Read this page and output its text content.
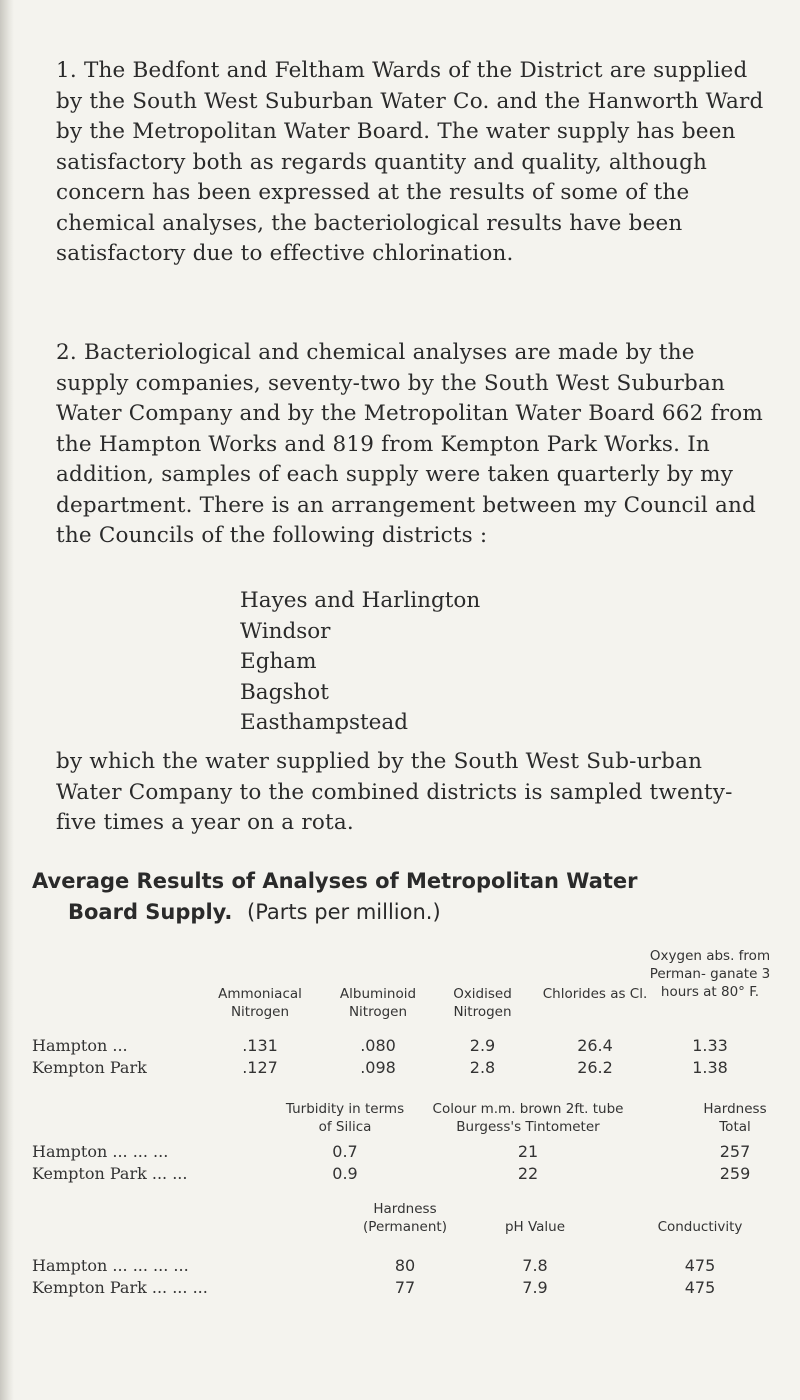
1. The Bedfont and Feltham Wards of the District are supplied by the South West Suburban Water Co. and the Hanworth Ward by the Metropolitan Water Board. The water supply has been satisfactory both as regards quantity and quality, although concern has been expressed at the results of some of the chemical analyses, the bacteriological results have been satisfactory due to effective chlorination.

2. Bacteriological and chemical analyses are made by the supply companies, seventy-two by the South West Suburban Water Company and by the Metropolitan Water Board 662 from the Hampton Works and 819 from Kempton Park Works. In addition, samples of each supply were taken quarterly by my department. There is an arrangement between my Council and the Councils of the following districts :

Hayes and Harlington
Windsor
Egham
Bagshot
Easthampstead

by which the water supplied by the South West Sub-urban Water Company to the combined districts is sampled twenty-five times a year on a rota.

Average Results of Analyses of Metropolitan Water
Board Supply. (Parts per million.)
Ammoniacal Nitrogen
Albuminoid Nitrogen
Oxidised Nitrogen
Chlorides as Cl.
Oxygen abs. from Perman- ganate 3 hours at 80° F.
Hampton ...	.131	.080	2.9	26.4	1.33
Kempton Park	.127	.098	2.8	26.2	1.38
Turbidity in terms of Silica
Colour m.m. brown 2ft. tube Burgess's Tintometer
Hardness Total
Hampton ... ... ...	0.7	21	257
Kempton Park ... ...	0.9	22	259
Hardness (Permanent)	pH Value	Conductivity
Hampton ... ... ... ...	80	7.8	475
Kempton Park ... ... ...	77	7.9	475
